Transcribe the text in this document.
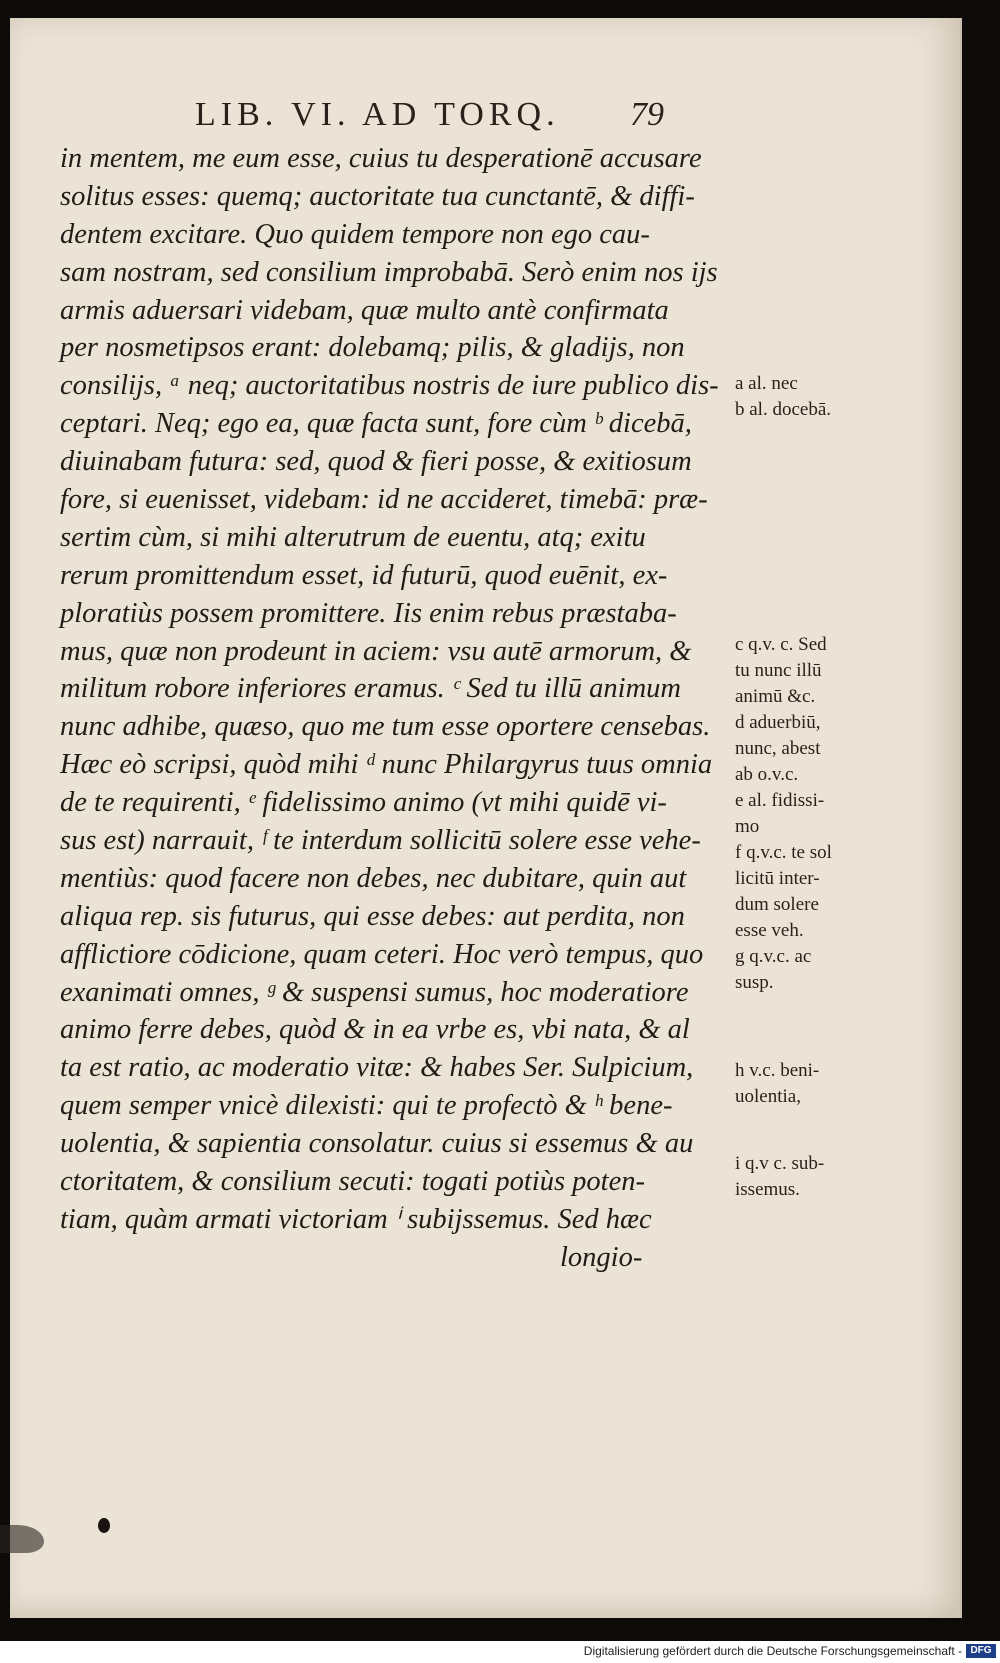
LIB. VI. AD TORQ. 79
in mentem, me eum esse, cuius tu desperationē accusare
solitus esses: quemq; auctoritate tua cunctantē, & diffi-
dentem excitare. Quo quidem tempore non ego cau-
sam nostram, sed consilium improbabā. Serò enim nos ijs
armis aduersari videbam, quæ multo antè confirmata
per nosmetipsos erant: dolebamq; pilis, & gladijs, non
consilijs, ᵃ neq; auctoritatibus nostris de iure publico dis-
ceptari. Neq; ego ea, quæ facta sunt, fore cùm ᵇ dicebā,
diuinabam futura: sed, quod & fieri posse, & exitiosum
fore, si euenisset, videbam: id ne accideret, timebā: præ-
sertim cùm, si mihi alterutrum de euentu, atq; exitu
rerum promittendum esset, id futurū, quod euēnit, ex-
ploratiùs possem promittere. Iis enim rebus præstaba-
mus, quæ non prodeunt in aciem: vsu autē armorum, &
militum robore inferiores eramus. ᶜ Sed tu illū animum
nunc adhibe, quæso, quo me tum esse oportere censebas.
Hæc eò scripsi, quòd mihi ᵈ nunc Philargyrus tuus omnia
de te requirenti, ᵉ fidelissimo animo (vt mihi quidē vi-
sus est) narrauit, ᶠ te interdum sollicitū solere esse vehe-
mentiùs: quod facere non debes, nec dubitare, quin aut
aliqua rep. sis futurus, qui esse debes: aut perdita, non
afflictiore cōdicione, quam ceteri. Hoc verò tempus, quo
exanimati omnes, ᵍ & suspensi sumus, hoc moderatiore
animo ferre debes, quòd & in ea vrbe es, vbi nata, & al
ta est ratio, ac moderatio vitæ: & habes Ser. Sulpicium,
quem semper vnicè dilexisti: qui te profectò & ʰ bene-
uolentia, & sapientia consolatur. cuius si essemus & au
ctoritatem, & consilium secuti: togati potiùs poten-
tiam, quàm armati victoriam ⁱ subijssemus. Sed hæc
longio-
a al. nec
b al. docebā.
c q.v. c. Sed
tu nunc illū
animū &c.
d aduerbiū,
nunc, abest
ab o.v.c.
e al. fidissi-
mo
f q.v.c. te sol
licitū inter-
dum solere
esse veh.
g q.v.c. ac
susp.
h v.c. beni-
uolentia,
i q.v c. sub-
issemus.
Digitalisierung gefördert durch die Deutsche Forschungsgemeinschaft - DFG
